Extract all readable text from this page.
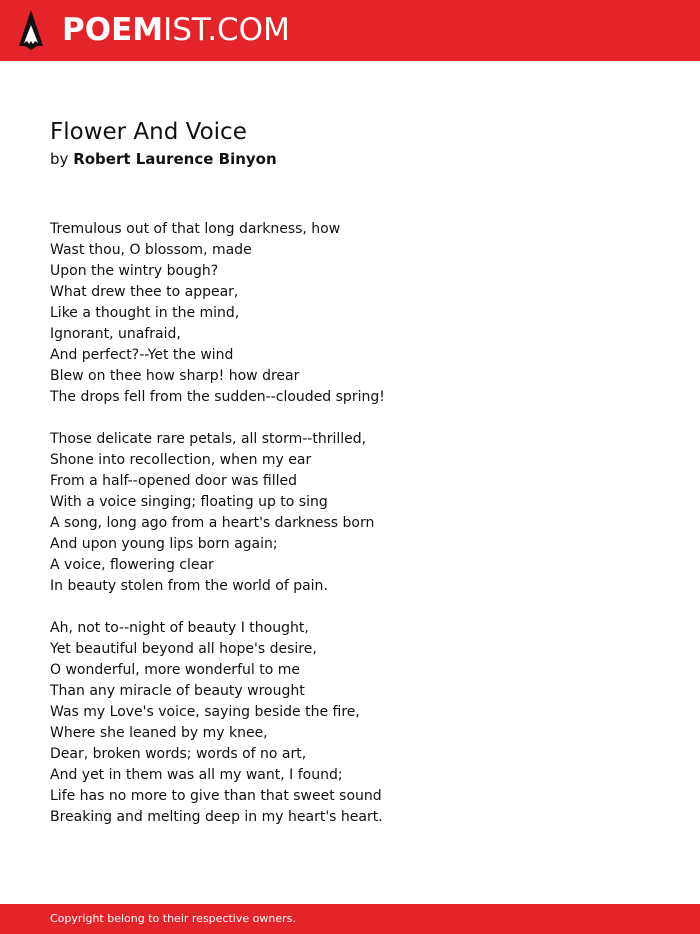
POEMIST.COM
Flower And Voice
by Robert Laurence Binyon
Tremulous out of that long darkness, how
Wast thou, O blossom, made
Upon the wintry bough?
What drew thee to appear,
Like a thought in the mind,
Ignorant, unafraid,
And perfect?--Yet the wind
Blew on thee how sharp! how drear
The drops fell from the sudden--clouded spring!
Those delicate rare petals, all storm--thrilled,
Shone into recollection, when my ear
From a half--opened door was filled
With a voice singing; floating up to sing
A song, long ago from a heart's darkness born
And upon young lips born again;
A voice, flowering clear
In beauty stolen from the world of pain.
Ah, not to--night of beauty I thought,
Yet beautiful beyond all hope's desire,
O wonderful, more wonderful to me
Than any miracle of beauty wrought
Was my Love's voice, saying beside the fire,
Where she leaned by my knee,
Dear, broken words; words of no art,
And yet in them was all my want, I found;
Life has no more to give than that sweet sound
Breaking and melting deep in my heart's heart.
Copyright belong to their respective owners.
